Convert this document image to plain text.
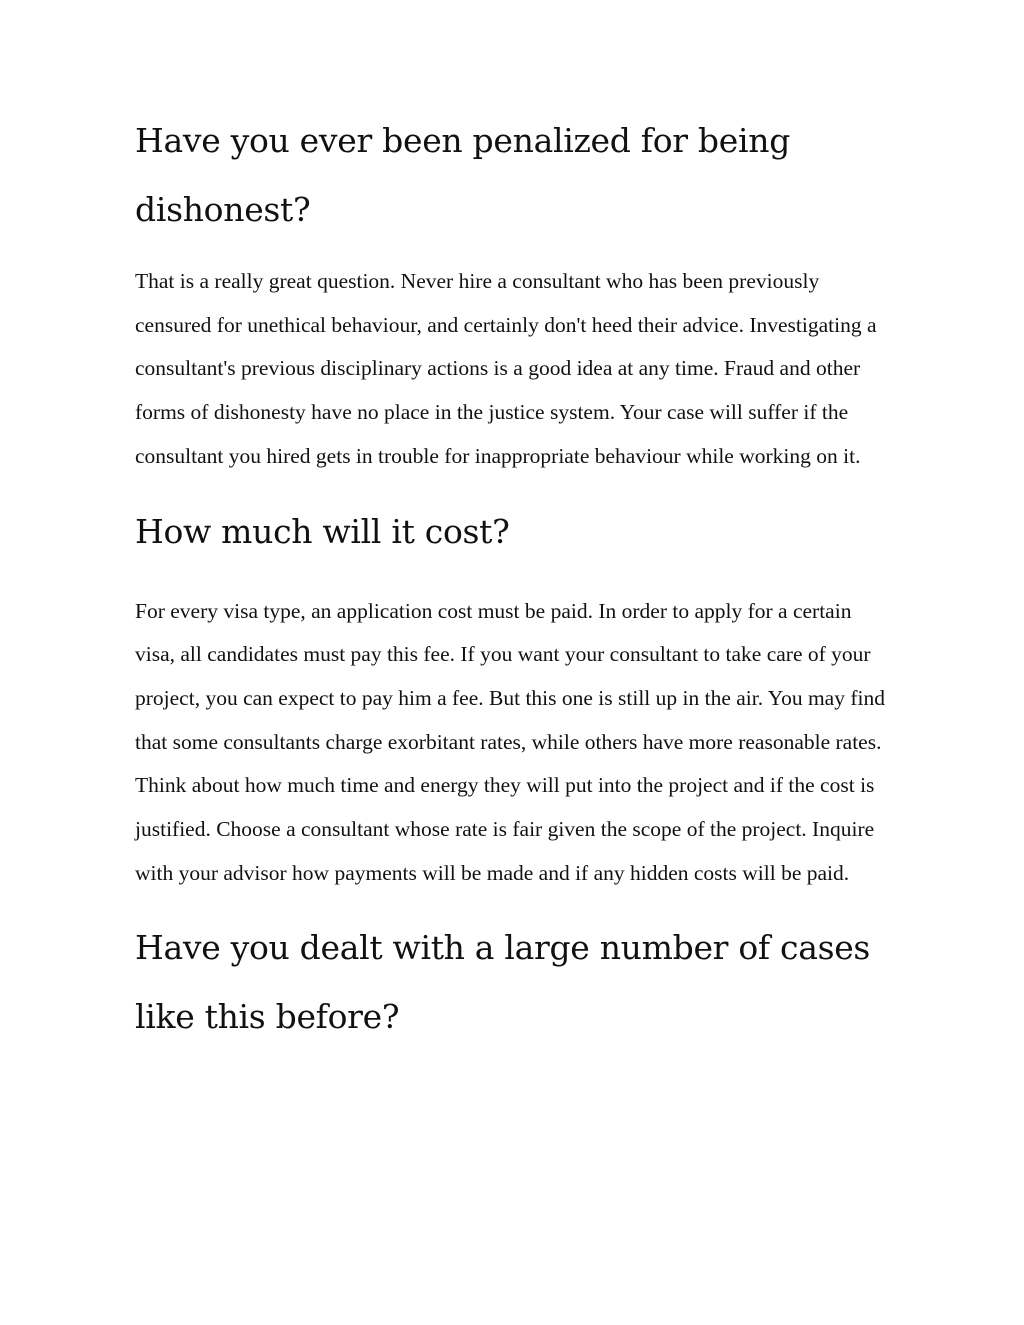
Have you ever been penalized for being dishonest?

That is a really great question. Never hire a consultant who has been previously censured for unethical behaviour, and certainly don't heed their advice. Investigating a consultant's previous disciplinary actions is a good idea at any time. Fraud and other forms of dishonesty have no place in the justice system. Your case will suffer if the consultant you hired gets in trouble for inappropriate behaviour while working on it.

How much will it cost?

For every visa type, an application cost must be paid. In order to apply for a certain visa, all candidates must pay this fee. If you want your consultant to take care of your project, you can expect to pay him a fee. But this one is still up in the air. You may find that some consultants charge exorbitant rates, while others have more reasonable rates. Think about how much time and energy they will put into the project and if the cost is justified. Choose a consultant whose rate is fair given the scope of the project. Inquire with your advisor how payments will be made and if any hidden costs will be paid.

Have you dealt with a large number of cases like this before?
